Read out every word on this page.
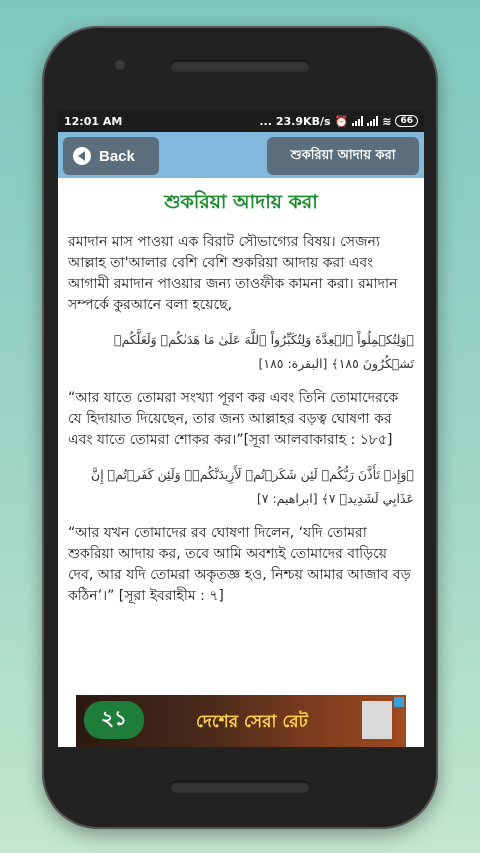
12:01 AM	... 23.9KB/s ⏰	≋	66
Back	শুকরিয়া আদায় করা
শুকরিয়া আদায় করা

রমাদান মাস পাওয়া এক বিরাট সৌভাগ্যের বিষয়। সেজন্য আল্লাহ তা'আলার বেশি বেশি শুকরিয়া আদায় করা এবং আগামী রমাদান পাওয়ার জন্য তাওফীক কামনা করা। রমাদান সম্পর্কে কুরআনে বলা হয়েছে,

﴿وَلِتُكۡمِلُواْ ٱلۡعِدَّةَ وَلِتُكَبِّرُواْ ٱللَّهَ عَلَىٰ مَا هَدَىٰكُمۡ وَلَعَلَّكُمۡ تَشۡكُرُونَ ١٨٥﴾ [البقرة: ١٨٥]

“আর যাতে তোমরা সংখ্যা পূরণ কর এবং তিনি তোমাদেরকে যে হিদায়াত দিয়েছেন, তার জন্য আল্লাহর বড়ত্ব ঘোষণা কর এবং যাতে তোমরা শোকর কর।”[সূরা আলবাকারাহ : ১৮৫]

﴿وَإِذۡ تَأَذَّنَ رَبُّكُمۡ لَئِن شَكَرۡتُمۡ لَأَزِيدَنَّكُمۡۖ وَلَئِن كَفَرۡتُمۡ إِنَّ عَذَابِي لَشَدِيدٞ ٧﴾ [ابراهيم: ٧]

“আর যখন তোমাদের রব ঘোষণা দিলেন, ‘যদি তোমরা শুকরিয়া আদায় কর, তবে আমি অবশ্যই তোমাদের বাড়িয়ে দেব, আর যদি তোমরা অকৃতজ্ঞ হও, নিশ্চয় আমার আজাব বড় কঠিন’।” [সূরা ইবরাহীম : ৭]

২১	দেশের সেরা রেট
